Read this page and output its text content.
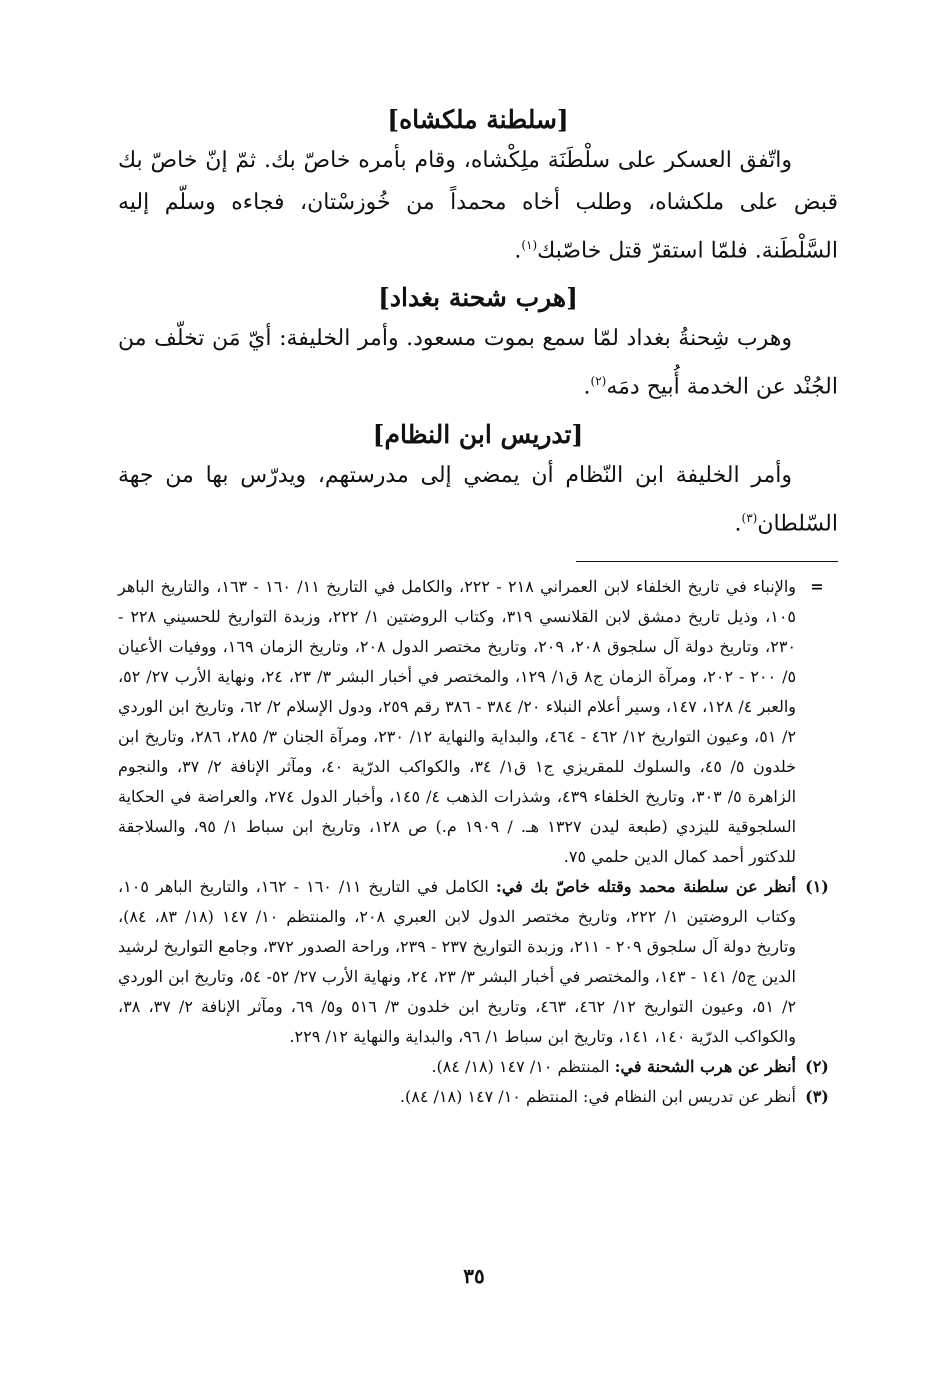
[سلطنة ملكشاه]

واتّفق العسكر على سلْطَنَة ملِكْشاه، وقام بأمره خاصّ بك. ثمّ إنّ خاصّ بك قبض على ملكشاه، وطلب أخاه محمداً من خُوزسْتان، فجاءه وسلّم إليه السَّلْطَنة. فلمّا استقرّ قتل خاصّبك$^{(١)}$.

[هرب شحنة بغداد]

وهرب شِحنةُ بغداد لمّا سمع بموت مسعود. وأمر الخليفة: أيّ مَن تخلّف من الجُنْد عن الخدمة أُبيح دمَه$^{(٢)}$.

[تدريس ابن النظام]

وأمر الخليفة ابن النّظام أن يمضي إلى مدرستهم، ويدرّس بها من جهة السّلطان$^{(٣)}$.

=
والإنباء في تاريخ الخلفاء لابن العمراني ٢١٨ - ٢٢٢، والكامل في التاريخ ١١/ ١٦٠ - ١٦٣، والتاريخ الباهر ١٠٥، وذيل تاريخ دمشق لابن القلانسي ٣١٩، وكتاب الروضتين ١/ ٢٢٢، وزبدة التواريخ للحسيني ٢٢٨ - ٢٣٠، وتاريخ دولة آل سلجوق ٢٠٨، ٢٠٩، وتاريخ مختصر الدول ٢٠٨، وتاريخ الزمان ١٦٩، ووفيات الأعيان ٥/ ٢٠٠ - ٢٠٢، ومرآة الزمان ج٨ ق١/ ١٢٩، والمختصر في أخبار البشر ٣/ ٢٣، ٢٤، ونهاية الأرب ٢٧/ ٥٢، والعبر ٤/ ١٢٨، ١٤٧، وسير أعلام النبلاء ٢٠/ ٣٨٤ - ٣٨٦ رقم ٢٥٩، ودول الإسلام ٢/ ٦٢، وتاريخ ابن الوردي ٢/ ٥١، وعيون التواريخ ١٢/ ٤٦٢ - ٤٦٤، والبداية والنهاية ١٢/ ٢٣٠، ومرآة الجنان ٣/ ٢٨٥، ٢٨٦، وتاريخ ابن خلدون ٥/ ٤٥، والسلوك للمقريزي ج١ ق١/ ٣٤، والكواكب الدرّية ٤٠، ومآثر الإنافة ٢/ ٣٧، والنجوم الزاهرة ٥/ ٣٠٣، وتاريخ الخلفاء ٤٣٩، وشذرات الذهب ٤/ ١٤٥، وأخبار الدول ٢٧٤، والعراضة في الحكاية السلجوقية لليزدي (طبعة ليدن ١٣٢٧ هـ. / ١٩٠٩ م.) ص ١٢٨، وتاريخ ابن سباط ١/ ٩٥، والسلاجقة للدكتور أحمد كمال الدين حلمي ٧٥.
(١)
أنظر عن سلطنة محمد وقتله خاصّ بك في: الكامل في التاريخ ١١/ ١٦٠ - ١٦٢، والتاريخ الباهر ١٠٥، وكتاب الروضتين ١/ ٢٢٢، وتاريخ مختصر الدول لابن العبري ٢٠٨، والمنتظم ١٠/ ١٤٧ (١٨/ ٨٣، ٨٤)، وتاريخ دولة آل سلجوق ٢٠٩ - ٢١١، وزبدة التواريخ ٢٣٧ - ٢٣٩، وراحة الصدور ٣٧٢، وجامع التواريخ لرشيد الدين ج٥/ ١٤١ - ١٤٣، والمختصر في أخبار البشر ٣/ ٢٣، ٢٤، ونهاية الأرب ٢٧/ ٥٢- ٥٤، وتاريخ ابن الوردي ٢/ ٥١، وعيون التواريخ ١٢/ ٤٦٢، ٤٦٣، وتاريخ ابن خلدون ٣/ ٥١٦ و٥/ ٦٩، ومآثر الإنافة ٢/ ٣٧، ٣٨، والكواكب الدرّية ١٤٠، ١٤١، وتاريخ ابن سباط ١/ ٩٦، والبداية والنهاية ١٢/ ٢٢٩.
(٢)
أنظر عن هرب الشحنة في: المنتظم ١٠/ ١٤٧ (١٨/ ٨٤).
(٣)
أنظر عن تدريس ابن النظام في: المنتظم ١٠/ ١٤٧ (١٨/ ٨٤).
٣٥
